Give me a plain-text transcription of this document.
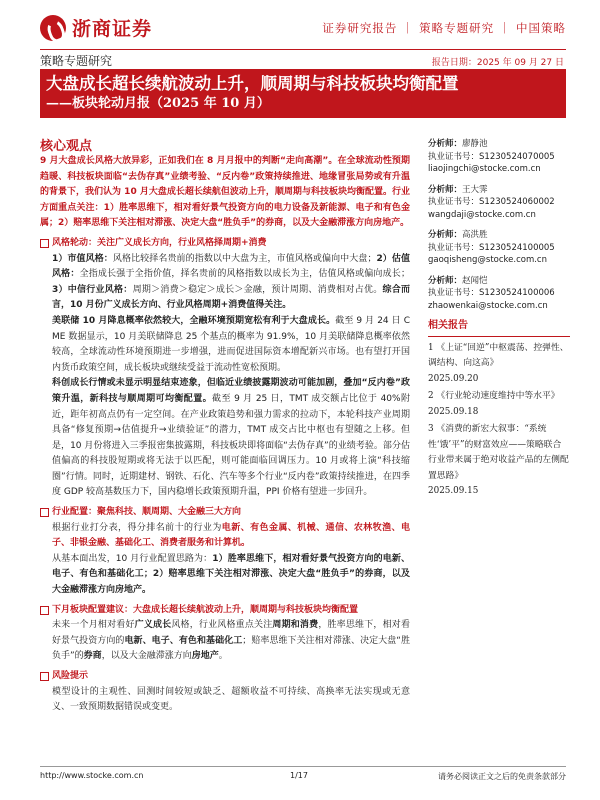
浙商证券	证券研究报告 ｜ 策略专题研究 ｜ 中国策略
策略专题研究	报告日期：2025 年 09 月 27 日
大盘成长超长续航波动上升，顺周期与科技板块均衡配置
——板块轮动月报（2025 年 10 月）
核心观点

9 月大盘成长风格大放异彩，正如我们在 8 月月报中的判断“走向高潮”。在全球流动性预期趋暖、科技板块面临“去伪存真”业绩考验、“反内卷”政策持续推进、地缘冒张局势或有升温的背景下，我们认为 10 月大盘成长超长续航但波动上升，顺周期与科技板块均衡配置。行业方面重点关注：1）胜率思维下，相对看好景气投资方向的电力设备及新能源、电子和有色金属；2）赔率思维下关注相对滞涨、决定大盘“胜负手”的券商，以及大金融滞涨方向房地产。

风格轮动：关注广义成长方向，行业风格择周期+消费

1）市值风格：风格比较择名贵前的指数以中大盘为主，市值风格或偏向中大盘；2）估值风格：全指成长强于全指价值，择名贵前的风格指数以成长为主，估值风格或偏向成长；3）中信行业风格：周期＞消费＞稳定＞成长＞金融，预计周期、消费相对占优。综合而言，10 月份广义成长方向、行业风格周期+消费值得关注。

美联储 10 月降息概率依然较大，全融环境预期宽松有利于大盘成长。截至 9 月 24 日 CME 数据显示，10 月美联储降息 25 个基点的概率为 91.9%，10 月美联储降息概率依然较高，全球流动性环境预期进一步增强，进而促进国际资本增配新兴市场。也有望打开国内货币政策空间，成长板块或继续受益于流动性宽松预期。

科创成长行情或未显示明显结束迹象，但临近业绩披露期波动可能加剧，叠加“反内卷”政策升温，新科技与顺周期可均衡配置。截至 9 月 25 日，TMT 成交额占比位于 40%附近，距年初高点仍有一定空间。在产业政策趋势和强力需求的拉动下，本轮科技产业周期具备“修复预期→估值提升→业绩验证”的潜力，TMT 成交占比中枢也有望随之上移。但是，10 月份将进入三季报密集披露期，科技板块即将面临“去伪存真”的业绩考验。部分估值偏高的科技股短期或将无法于以匹配，则可能面临回调压力。10 月或将上演“科技缩圈”行情。同时，近期建材、钢铁、石化、汽车等多个行业“反内卷”政策持续推进，在四季度 GDP 较高基数压力下，国内稳增长政策预期升温，PPI 价格有望进一步回升。

行业配置：聚焦科技、顺周期、大金融三大方向

根据行业打分表，得分排名前十的行业为电新、有色金属、机械、通信、农林牧渔、电子、非银金融、基础化工、消费者服务和计算机。

从基本面出发，10 月行业配置思路为：1）胜率思维下，相对看好景气投资方向的电新、电子、有色和基础化工；2）赔率思维下关注相对滞涨、决定大盘“胜负手”的券商，以及大金融滞涨方向房地产。

下月板块配置建议：大盘成长超长续航波动上升，顺周期与科技板块均衡配置

未来一个月相对看好广义成长风格，行业风格重点关注周期和消费，胜率思维下，相对看好景气投资方向的电新、电子、有色和基础化工；赔率思维下关注相对滞涨、决定大盘“胜负手”的券商，以及大金融滞涨方向房地产。

风险提示

模型设计的主观性、回测时间较短或缺乏、超额收益不可持续、高换率无法实现或无意义、一致预期数据错误或变更。

分析师：廖静池
执业证书号：S1230524070005
liaojingchi@stocke.com.cn
分析师：王大霁
执业证书号：S1230524060002
wangdaji@stocke.com.cn
分析师：高洪胜
执业证书号：S1230524100005
gaoqisheng@stocke.com.cn
分析师：赵闻恺
执业证书号：S1230524100006
zhaowenkai@stocke.com.cn
相关报告
1 《上证“回逆”中枢震荡、控弹性、调结构、向这高》
2025.09.20
2 《行业轮动速度维持中等水平》
2025.09.18
3 《消费的新宏大叙事：“系统性‘饿’平”的财富效应——策略联合行业带来属于绝对收益产品的左侧配置思路》
2025.09.15
http://www.stocke.com.cn	1/17	请务必阅读正文之后的免责条款部分
